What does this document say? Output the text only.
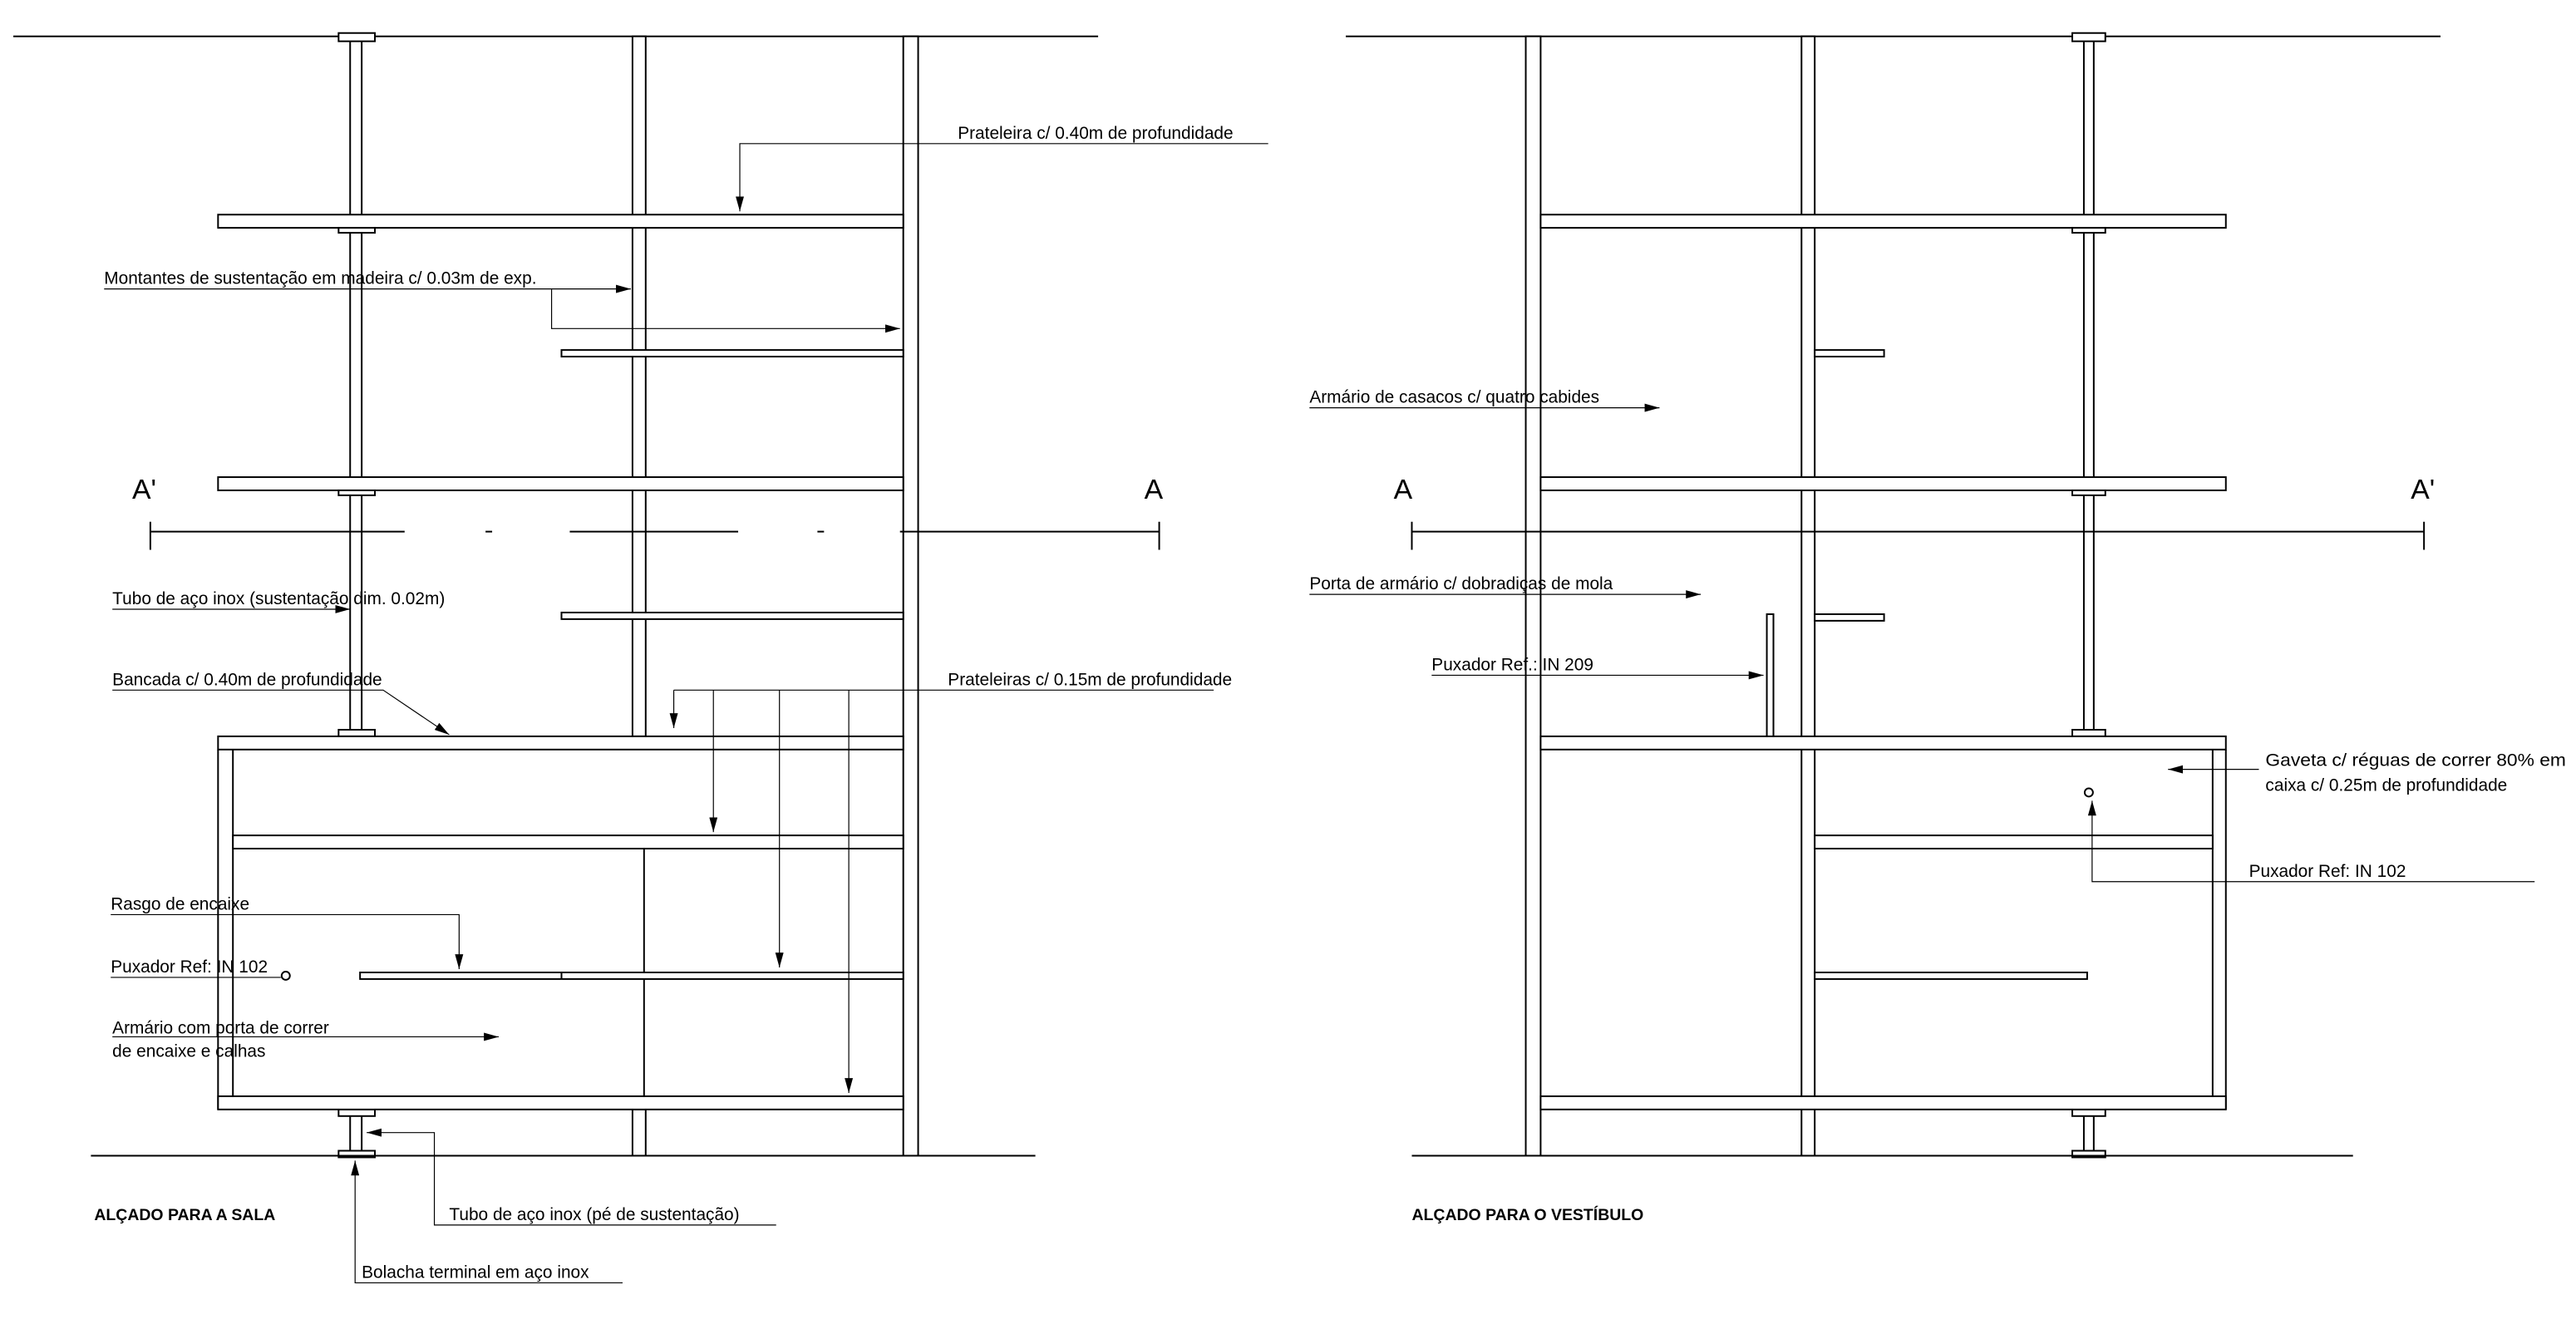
A'	A
Prateleira c/ 0.40m de profundidade
Montantes de sustentação em madeira c/ 0.03m de exp.
Tubo de aço inox (sustentação dim. 0.02m)
Bancada c/ 0.40m de profundidade	Prateleiras c/ 0.15m de profundidade
Rasgo de encaixe
Puxador Ref: IN 102
Armário com porta de correr
de encaixe e calhas
ALÇADO PARA A SALA	Tubo de aço inox (pé de sustentação)
Bolacha terminal em aço inox
A	A'
Armário de casacos c/ quatro cabides
Porta de armário c/ dobradiças de mola
Puxador Ref.: IN 209
Gaveta c/ réguas de correr 80% em
caixa c/ 0.25m de profundidade
Puxador Ref: IN 102
ALÇADO PARA O VESTÍBULO
